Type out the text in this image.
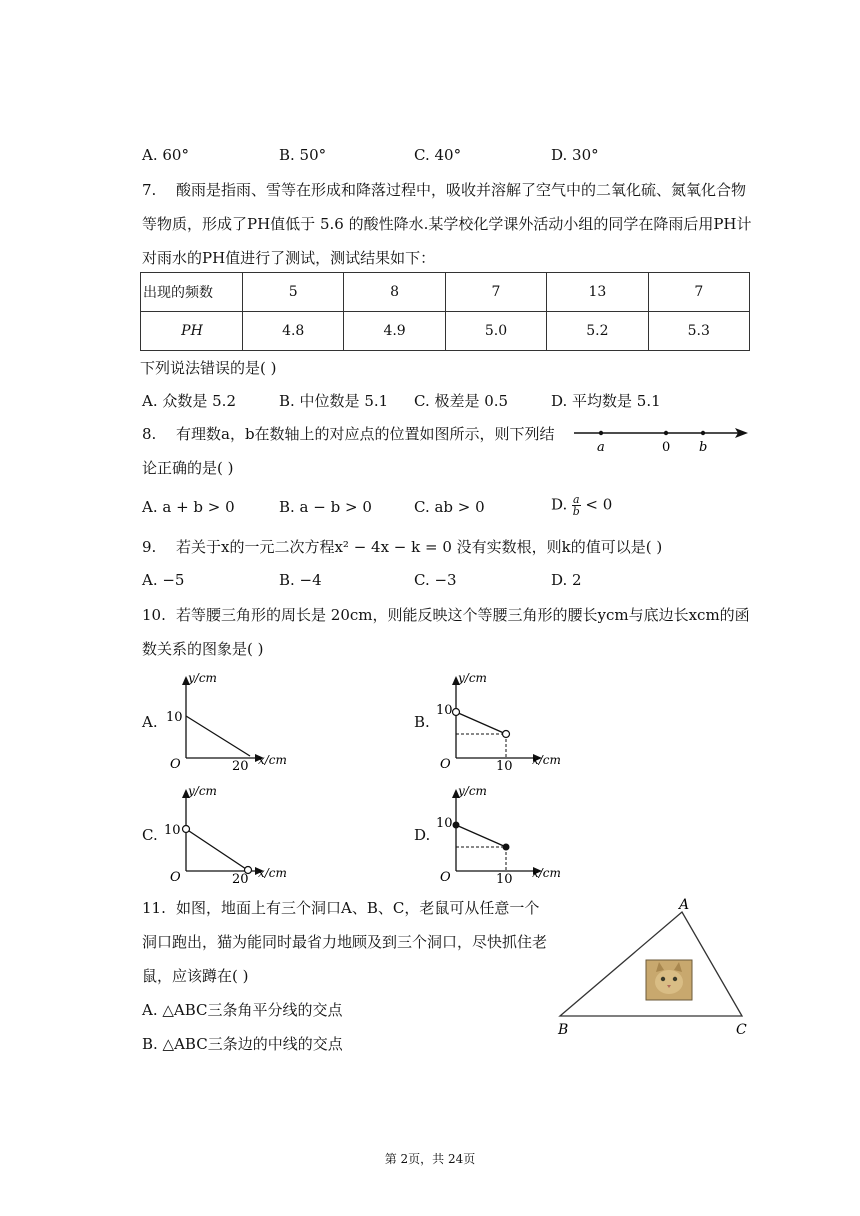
A. 60°	B. 50°	C. 40°	D. 30°
7. 酸雨是指雨、雪等在形成和降落过程中，吸收并溶解了空气中的二氧化硫、氮氧化合物
等物质，形成了PH值低于 5.6 的酸性降水.某学校化学课外活动小组的同学在降雨后用PH计
对雨水的PH值进行了测试，测试结果如下：
出现的频数	5	8	7	13	7
PH	4.8	4.9	5.0	5.2	5.3
下列说法错误的是( )
A. 众数是 5.2	B. 中位数是 5.1 C. 极差是 0.5	D. 平均数是 5.1
8. 有理数a，b在数轴上的对应点的位置如图所示，则下列结
论正确的是( )
a	0 b
A. a + b > 0	B. a − b > 0	C. ab > 0	D. $\frac{a}{b} < 0$
9. 若关于x的一元二次方程x² − 4x − k = 0 没有实数根，则k的值可以是( )
A. −5	B. −4	C. −3	D. 2
10. 若等腰三角形的周长是 20cm，则能反映这个等腰三角形的腰长ycm与底边长xcm的函
数关系的图象是( )
A.
y/cm
x/cm
O
10
20
B.
y/cm
x/cm
O
10
10
C.
y/cm
x/cm
O
10
20
D.
y/cm
x/cm
O
10
10
11. 如图，地面上有三个洞口A、B、C，老鼠可从任意一个
洞口跑出，猫为能同时最省力地顾及到三个洞口，尽快抓住老
鼠，应该蹲在( )
A. △ABC三条角平分线的交点
B. △ABC三条边的中线的交点
A
B	C
第 2页，共 24页
